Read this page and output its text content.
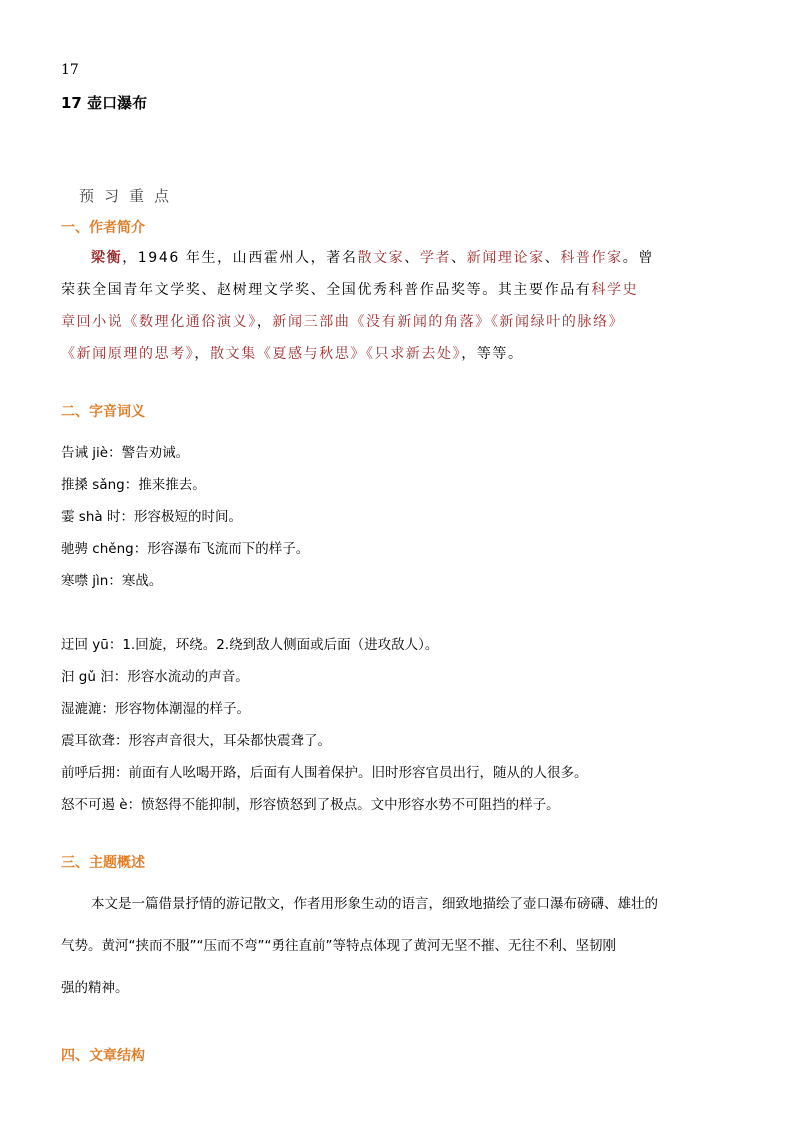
17
17 壶口瀑布
预习重点
一、作者简介
梁衡，1946 年生，山西霍州人，著名散文家、学者、新闻理论家、科普作家。曾
荣获全国青年文学奖、赵树理文学奖、全国优秀科普作品奖等。其主要作品有科学史
章回小说《数理化通俗演义》，新闻三部曲《没有新闻的角落》《新闻绿叶的脉络》
《新闻原理的思考》，散文集《夏感与秋思》《只求新去处》，等等。
二、字音词义
告诫 jiè：警告劝诫。
推搡 sǎng：推来推去。
霎 shà 时：形容极短的时间。
驰骋 chěng：形容瀑布飞流而下的样子。
寒噤 jìn：寒战。
迂回 yū：1.回旋，环绕。2.绕到敌人侧面或后面（进攻敌人）。
汩 gǔ 汩：形容水流动的声音。
湿漉漉：形容物体潮湿的样子。
震耳欲聋：形容声音很大，耳朵都快震聋了。
前呼后拥：前面有人吆喝开路，后面有人围着保护。旧时形容官员出行，随从的人很多。
怒不可遏 è：愤怒得不能抑制，形容愤怒到了极点。文中形容水势不可阻挡的样子。
三、主题概述
本文是一篇借景抒情的游记散文，作者用形象生动的语言，细致地描绘了壶口瀑布磅礴、雄壮的
气势。黄河“挟而不服”“压而不弯”“勇往直前”等特点体现了黄河无坚不摧、无往不利、坚韧刚
强的精神。
四、文章结构
